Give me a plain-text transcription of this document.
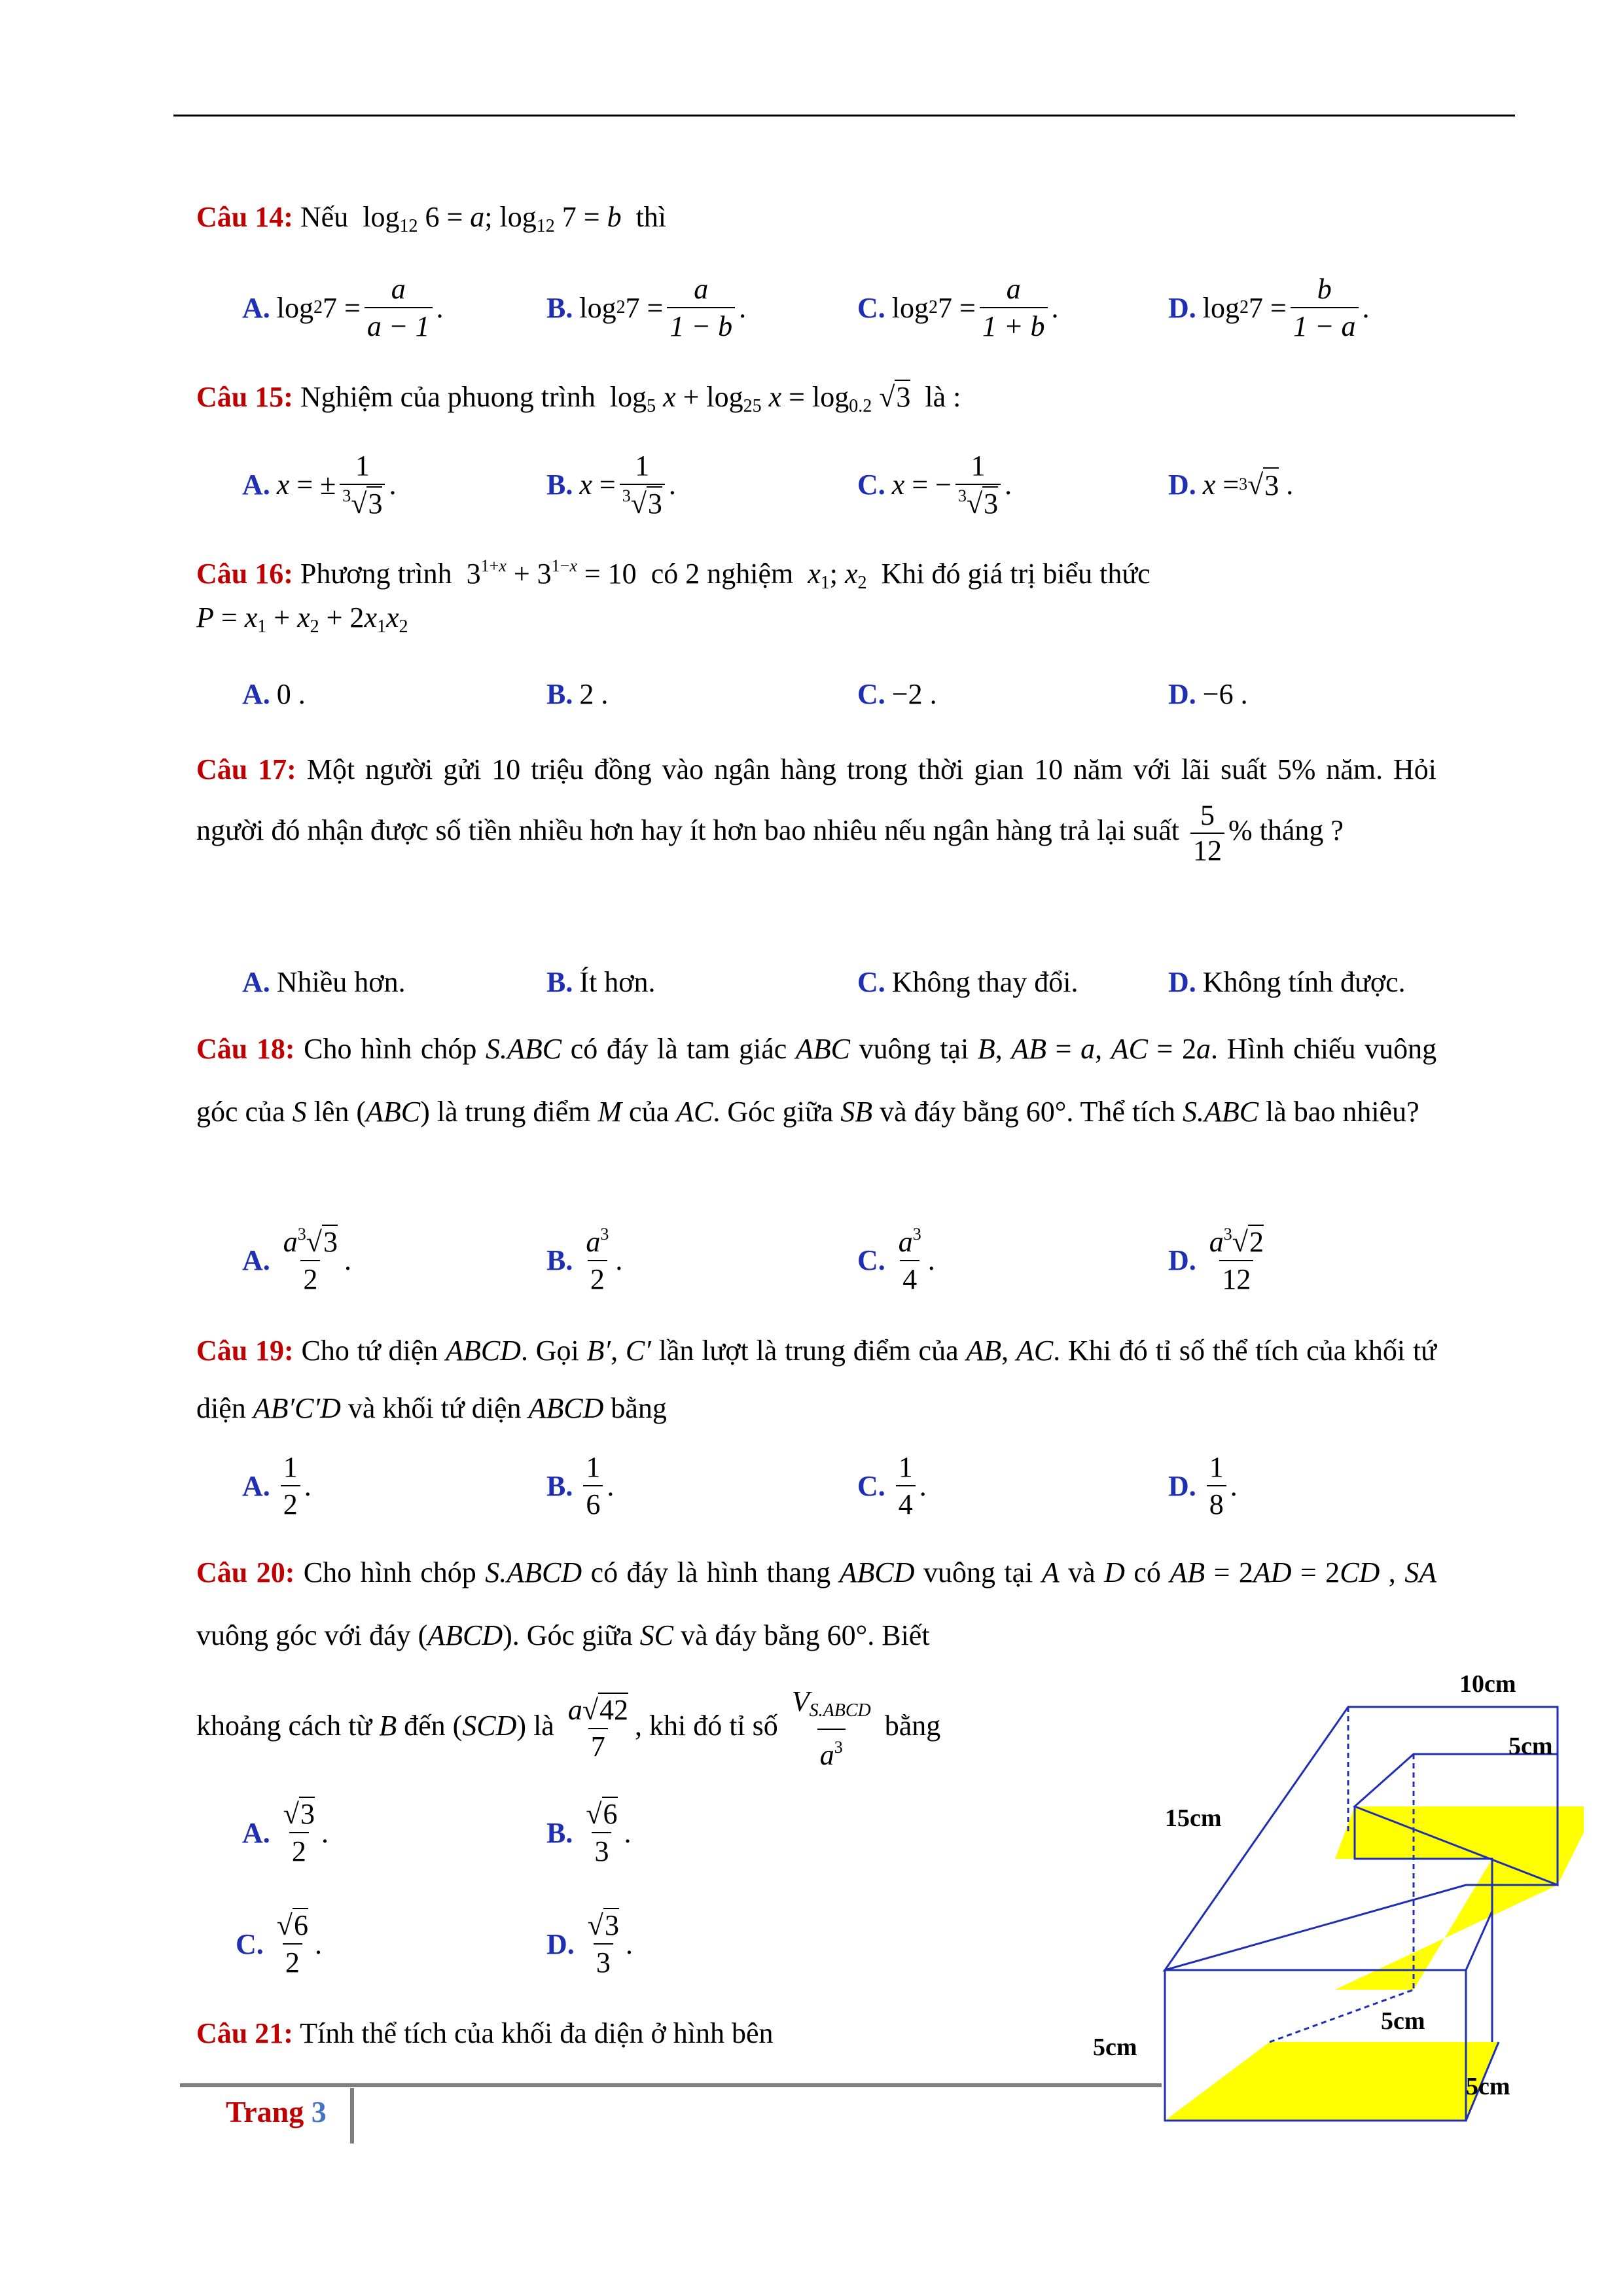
Câu 14: Nếu  $\log_{12} 6 = a$; $\log_{12} 7 = b$ thì
A. log 2 $7 = \frac{a}{a - 1}$ .	B. log 2 $7 = \frac{a}{1 - b}$ .	C. log 2 $7 = \frac{a}{1 + b}$ .	D. log 2 $7 = \frac{b}{1 - a}$ .
Câu 15: Nghiệm của phuong trình  $\log_5 x + \log_{25} x = \log_{0.2} √3$ là :
A. x = ± $\frac{1}{^3√3}$ .	B. $x = \frac{1}{^3√3}$ .	C. x = − $\frac{1}{^3√3}$ .	D. x = 3 √ 3 .
Câu 16: Phương trình  $3^{1+x} + 3^{1-x} = 10$  có 2 nghiệm $x_1$; $x_2$ Khi đó giá trị biểu thức
$P = x_1 + x_2 + 2x_1x_2$
A. 0 .	B. 2 .	C. −2 .	D. −6 .
Câu 17: Một người gửi 10 triệu đồng vào ngân hàng trong thời gian 10 năm với lãi suất 5% năm. Hỏi người đó nhận được số tiền nhiều hơn hay ít hơn bao nhiêu nếu ngân hàng trả lại suất $\frac{5}{12}$ % tháng ?
A. Nhiều hơn.	B. Ít hơn.	C. Không thay đổi.	D. Không tính được.
Câu 18: Cho hình chóp S.ABC có đáy là tam giác ABC vuông tại B, AB = a, AC = 2a. Hình chiếu vuông góc của S lên (ABC) là trung điểm M của AC. Góc giữa SB và đáy bằng 60°. Thể tích S.ABC là bao nhiêu?
A. $\frac{a^3√3}{2}$ .	B. $\frac{a^3}{2}$ .	C. $\frac{a^3}{4}$ .	D. $\frac{a^3√2}{12}$
Câu 19: Cho tứ diện ABCD. Gọi B′, C′ lần lượt là trung điểm của AB, AC. Khi đó tỉ số thể tích của khối tứ diện AB′C′D và khối tứ diện ABCD bằng
A. $\frac{1}{2}$ .	B. $\frac{1}{6}$ .	C. $\frac{1}{4}$ .	D. $\frac{1}{8}$ .
Câu 20: Cho hình chóp S.ABCD có đáy là hình thang ABCD vuông tại A và D có AB = 2AD = 2CD , SA vuông góc với đáy (ABCD). Góc giữa SC và đáy bằng 60°. Biết
khoảng cách từ B đến (SCD) là $\frac{a√42}{7}$ , khi đó tỉ số $\frac{V_{S.ABCD}}{a^3}$ bằng
A. $\frac{√3}{2}$ .	B. $\frac{√6}{3}$ .
C. $\frac{√6}{2}$ .	D. $\frac{√3}{3}$ .
Câu 21: Tính thể tích của khối đa diện ở hình bên
10cm
5cm
15cm
5cm
5cm
5cm
Trang 3
